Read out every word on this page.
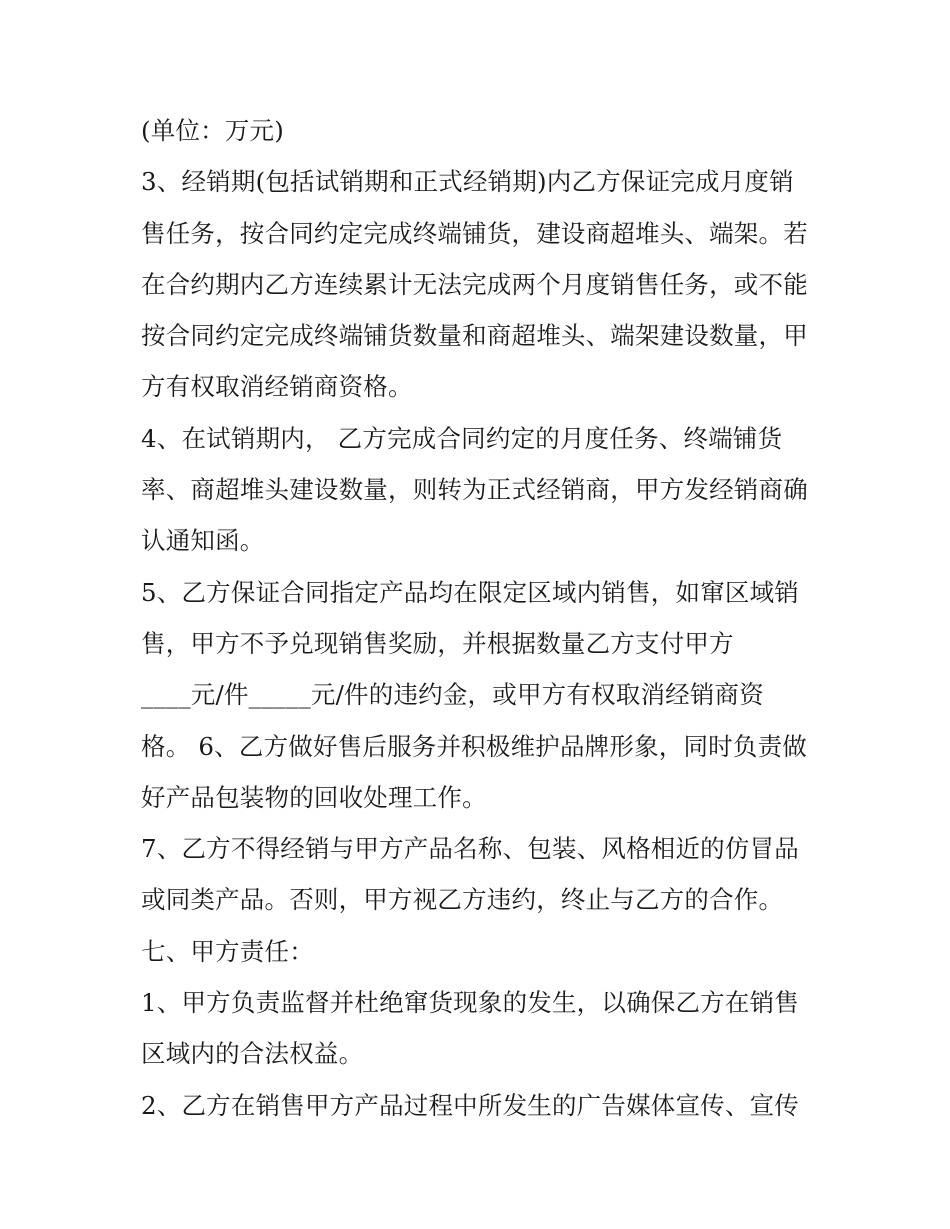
(单位：万元)
3、经销期(包括试销期和正式经销期)内乙方保证完成月度销
售任务，按合同约定完成终端铺货，建设商超堆头、端架。若
在合约期内乙方连续累计无法完成两个月度销售任务，或不能
按合同约定完成终端铺货数量和商超堆头、端架建设数量，甲
方有权取消经销商资格。
4、在试销期内， 乙方完成合同约定的月度任务、终端铺货
率、商超堆头建设数量，则转为正式经销商，甲方发经销商确
认通知函。
5、乙方保证合同指定产品均在限定区域内销售，如窜区域销
售，甲方不予兑现销售奖励，并根据数量乙方支付甲方
____元/件_____元/件的违约金，或甲方有权取消经销商资
格。 6、乙方做好售后服务并积极维护品牌形象，同时负责做
好产品包装物的回收处理工作。
7、乙方不得经销与甲方产品名称、包装、风格相近的仿冒品
或同类产品。否则，甲方视乙方违约，终止与乙方的合作。
七、甲方责任：
1、甲方负责监督并杜绝窜货现象的发生，以确保乙方在销售
区域内的合法权益。
2、乙方在销售甲方产品过程中所发生的广告媒体宣传、宣传
